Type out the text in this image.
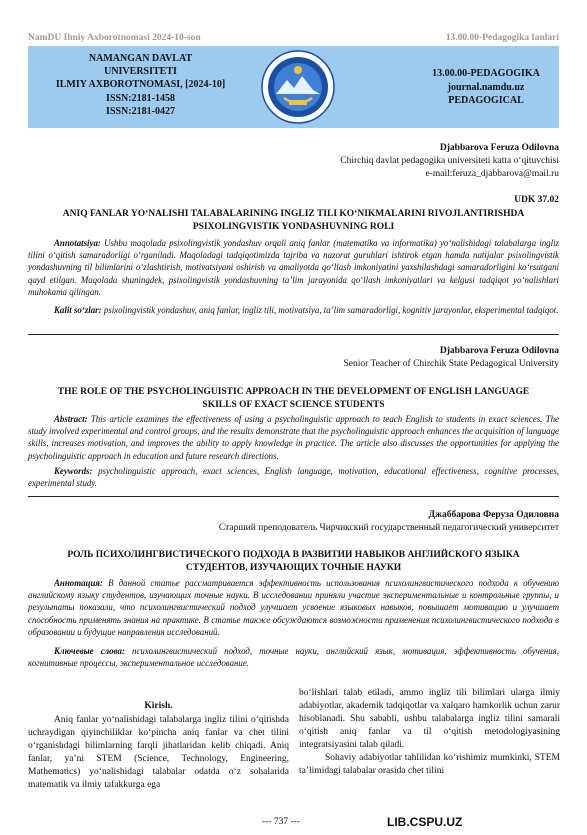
NamDU Ilmiy Axborotnomasi 2024-10-son	13.00.00-Pedagogika fanlari
NAMANGAN DAVLAT
UNIVERSITETI
ILMIY AXBOROTNOMASI, [2024-10]
ISSN:2181-1458
ISSN:2181-0427
13.00.00-PEDAGOGIKA
journal.namdu.uz
PEDAGOGICAL
Djabbarova Feruza Odilovna
Chirchiq davlat pedagogika universiteti katta o‘qituvchisi
e-mail:feruza_djabbarova@mail.ru
UDK 37.02
ANIQ FANLAR YO‘NALISHI TALABALARINING INGLIZ TILI KO‘NIKMALARINI RIVOJLANTIRISHDA
PSIXOLINGVISTIK YONDASHUVNING ROLI
Annotatsiya: Ushbu maqolada psixolingvistik yondashuv orqali aniq fanlar (matematika va informatika) yo‘nalishidagi talabalarga ingliz tilini o‘qitish samaradorligi o‘rganiladi. Maqoladagi tadqiqotimizda tajriba va nazorat guruhlari ishtirok etgan hamda natijalar psixolingvistik yondashuvning til bilimlarini o‘zlashtirish, motivatsiyani oshirish va amaliyotda qo‘llash imkoniyatini yaxshilashdagi samaradorligini ko‘rsatgani qayd etilgan. Maqolada shuningdek, psixolingvistik yondashuvning ta’lim jarayonida qo‘llash imkoniyatlari va kelgusi tadqiqot yo‘nalishlari muhokama qilingan.
Kalit so‘zlar: psixolingvistik yondashuv, aniq fanlar, ingliz tili, motivatsiya, ta’lim samaradorligi, kognitiv jarayonlar, eksperimental tadqiqot.
Djabbarova Feruza Odilovna
Senior Teacher of Chirchik State Pedagogical University
THE ROLE OF THE PSYCHOLINGUISTIC APPROACH IN THE DEVELOPMENT OF ENGLISH LANGUAGE
SKILLS OF EXACT SCIENCE STUDENTS
Abstract: This article examines the effectiveness of using a psycholinguistic approach to teach English to students in exact sciences. The study involved experimental and control groups, and the results demonstrate that the psycholinguistic approach enhances the acquisition of language skills, increases motivation, and improves the ability to apply knowledge in practice. The article also discusses the opportunities for applying the psycholinguistic approach in education and future research directions.
Keywords: psycholinguistic approach, exact sciences, English language, motivation, educational effectiveness, cognitive processes, experimental study.
Джаббарова Феруза Одиловна
Старший преподователь Чирчикский государственный педагогический университет
РОЛЬ ПСИХОЛИНГВИСТИЧЕСКОГО ПОДХОДА В РАЗВИТИИ НАВЫКОВ АНГЛИЙСКОГО ЯЗЫКА
СТУДЕНТОВ, ИЗУЧАЮЩИХ ТОЧНЫЕ НАУКИ
Аннотация: В данной статье рассматривается эффективность использования психолингвистического подхода к обучению английскому языку студентов, изучающих точные науки. В исследовании приняли участие экспериментальные и контрольные группы, и результаты показали, что психолингвистический подход улучшает усвоение языковых навыков, повышает мотивацию и улучшает способность применять знания на практике. В статье также обсуждаются возможности применения психолингвистического подхода в образовании и будущие направления исследований.
Ключевые слова: психолингвистический подход, точные науки, английский язык, мотивация, эффективность обучения, когнитивные процессы, экспериментальное исследование.
Kirish.

Aniq fanlar yo‘nalishidagi talabalarga ingliz tilini o‘qitishda uchraydigan qiyinchiliklar ko‘pincha aniq fanlar va chet tilini o‘rganishdagi bilimlarning farqli jihatlaridan kelib chiqadi. Aniq fanlar, ya’ni STEM (Science, Technology, Engineering, Mathematics) yo‘nalishidagi talabalar odatda o‘z sohalarida matematik va ilmiy tafakkurga ega

bo‘lishlari talab etiladi, ammo ingliz tili bilimlari ularga ilmiy adabiyotlar, akademik tadqiqotlar va xalqaro hamkorlik uchun zarur hisoblanadi. Shu sababli, ushbu talabalarga ingliz tilini samarali o‘qitish aniq fanlar va til o‘qitish metodologiyasining integratsiyasini talab qiladi.

Sohaviy adabiyotlar tahlilidan ko‘rishimiz mumkinki, STEM ta’limidagi talabalar orasida chet tilini

--- 737 ---	LIB.CSPU.UZ
